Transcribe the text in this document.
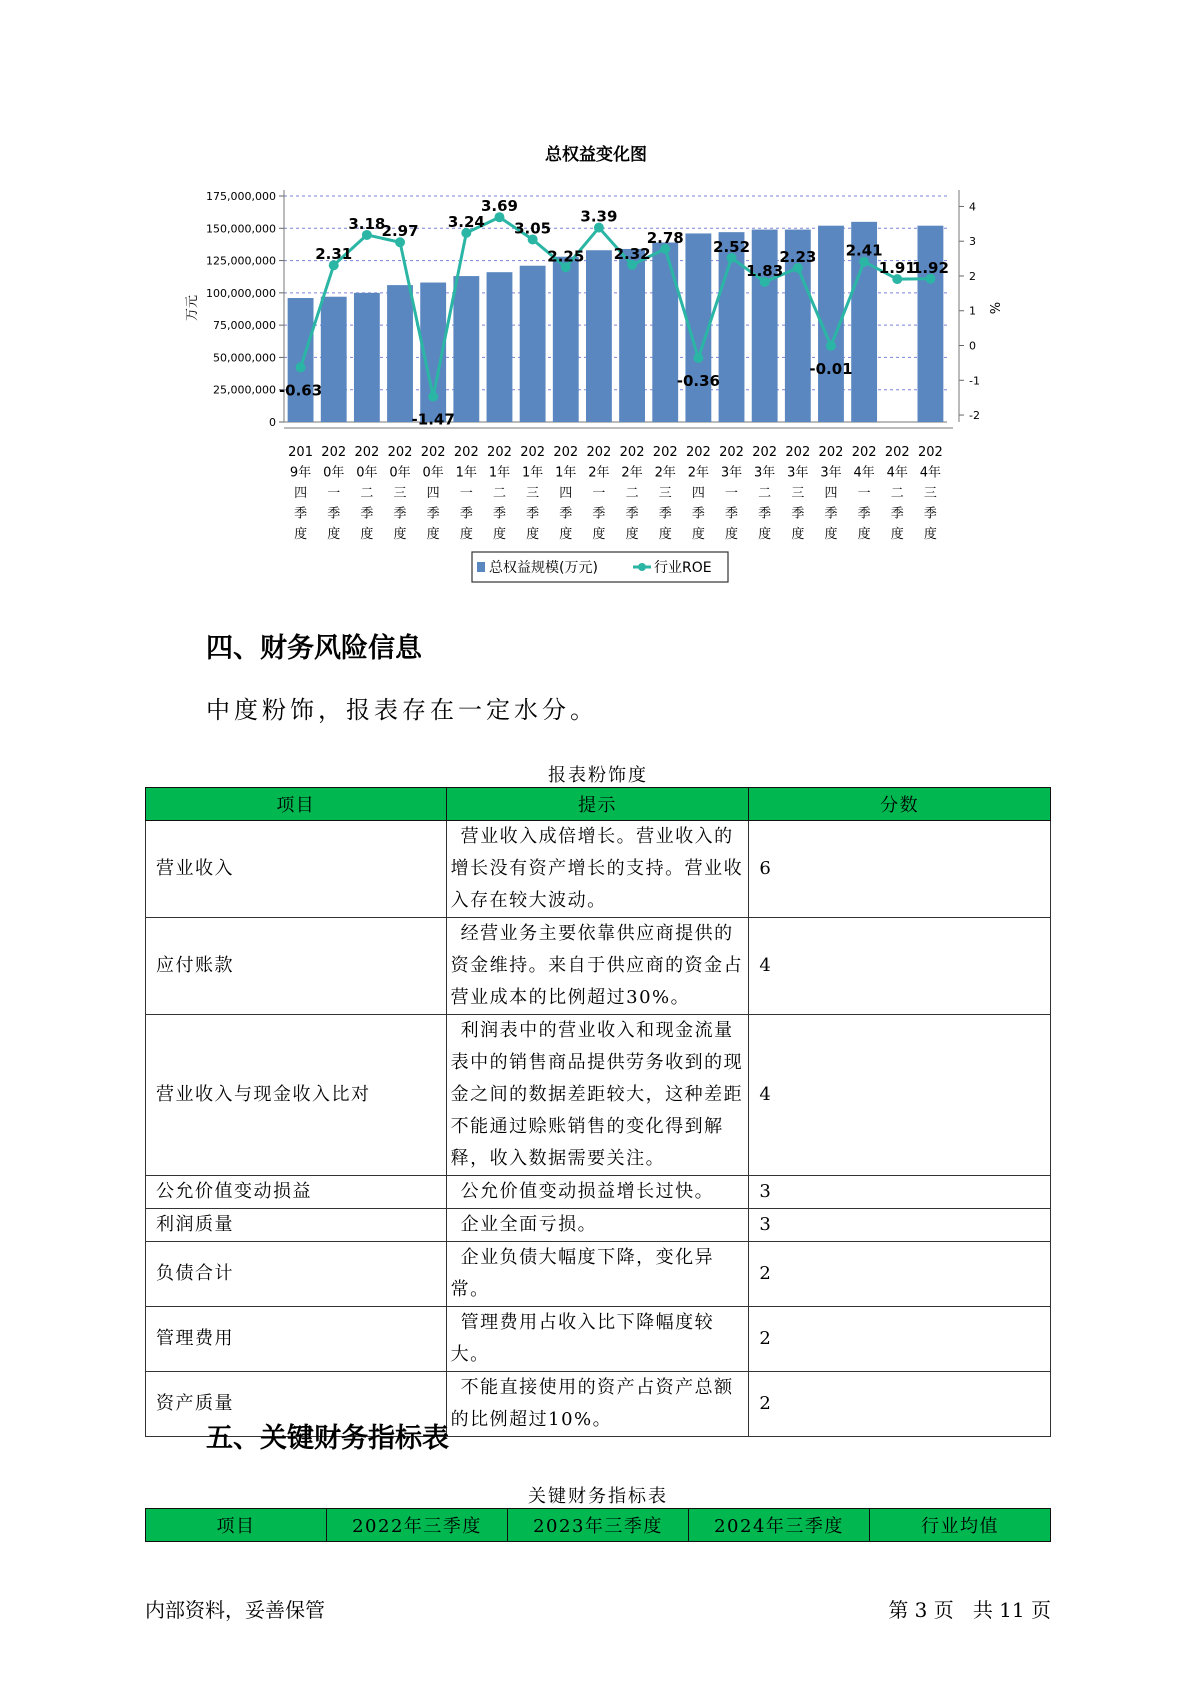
总权益变化图
0
25,000,000
50,000,000
75,000,000
100,000,000
125,000,000
150,000,000
175,000,000
-2
-1
0
1
2
3
4
万元	%
-0.63
2.31
3.18
2.97
-1.47
3.24
3.69
3.05
2.25
3.39
2.32
2.78
-0.36
2.52
1.83
2.23
-0.01
2.41
1.91
1.92
201
9年
四
季
度
202
0年
一
季
度
202
0年
二
季
度
202
0年
三
季
度
202
0年
四
季
度
202
1年
一
季
度
202
1年
二
季
度
202
1年
三
季
度
202
1年
四
季
度
202
2年
一
季
度
202
2年
二
季
度
202
2年
三
季
度
202
2年
四
季
度
202
3年
一
季
度
202
3年
二
季
度
202
3年
三
季
度
202
3年
四
季
度
202
4年
一
季
度
202
4年
二
季
度
202
4年
三
季
度
总权益规模(万元)	行业ROE
四、财务风险信息
中度粉饰，报表存在一定水分。
报表粉饰度
项目	提示	分数
营业收入	营业收入成倍增长。营业收入的增长没有资产增长的支持。营业收入存在较大波动。	6
应付账款	经营业务主要依靠供应商提供的资金维持。来自于供应商的资金占营业成本的比例超过30%。	4
营业收入与现金收入比对	利润表中的营业收入和现金流量表中的销售商品提供劳务收到的现金之间的数据差距较大，这种差距不能通过赊账销售的变化得到解释，收入数据需要关注。	4
公允价值变动损益	公允价值变动损益增长过快。	3
利润质量	企业全面亏损。	3
负债合计	企业负债大幅度下降，变化异常。	2
管理费用	管理费用占收入比下降幅度较大。	2
资产质量	不能直接使用的资产占资产总额的比例超过10%。	2
五、关键财务指标表
关键财务指标表
项目	2022年三季度	2023年三季度	2024年三季度	行业均值
内部资料，妥善保管	第 3 页   共 11 页
